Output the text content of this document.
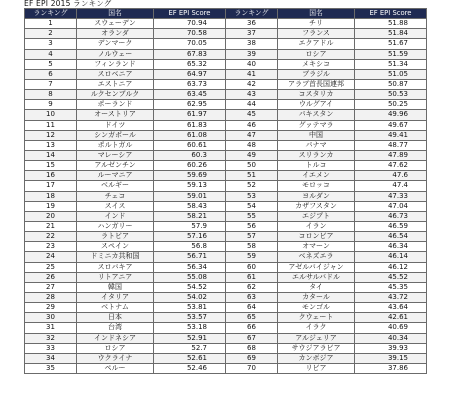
EF EPI 2015 ランキング
ランキング	国名	EF EPI Score
1	スウェーデン	70.94
2	オランダ	70.58
3	デンマーク	70.05
4	ノルウェー	67.83
5	フィンランド	65.32
6	スロベニア	64.97
7	エストニア	63.73
8	ルクセンブルク	63.45
9	ポーランド	62.95
10	オーストリア	61.97
11	ドイツ	61.83
12	シンガポール	61.08
13	ポルトガル	60.61
14	マレーシア	60.3
15	アルゼンチン	60.26
16	ルーマニア	59.69
17	ベルギー	59.13
18	チェコ	59.01
19	スイス	58.43
20	インド	58.21
21	ハンガリー	57.9
22	ラトビア	57.16
23	スペイン	56.8
24	ドミニカ共和国	56.71
25	スロバキア	56.34
26	リトアニア	55.08
27	韓国	54.52
28	イタリア	54.02
29	ベトナム	53.81
30	日本	53.57
31	台湾	53.18
32	インドネシア	52.91
33	ロシア	52.7
34	ウクライナ	52.61
35	ペルー	52.46
ランキング	国名	EF EPI Score
36	チリ	51.88
37	フランス	51.84
38	エクアドル	51.67
39	ロシア	51.59
40	メキシコ	51.34
41	ブラジル	51.05
42	アラブ首長国連邦	50.87
43	コスタリカ	50.53
44	ウルグアイ	50.25
45	パキスタン	49.96
46	グァテマラ	49.67
47	中国	49.41
48	パナマ	48.77
49	スリランカ	47.89
50	トルコ	47.62
51	イエメン	47.6
52	モロッコ	47.4
53	ヨルダン	47.33
54	カザフスタン	47.04
55	エジプト	46.73
56	イラン	46.59
57	コロンビア	46.54
58	オマーン	46.34
59	ベネズエラ	46.14
60	アゼルバイジャン	46.12
61	エルサルバドル	45.52
62	タイ	45.35
63	カタール	43.72
64	モンゴル	43.64
65	クウェート	42.61
66	イラク	40.69
67	アルジェリア	40.34
68	サウジアラビア	39.93
69	カンボジア	39.15
70	リビア	37.86
